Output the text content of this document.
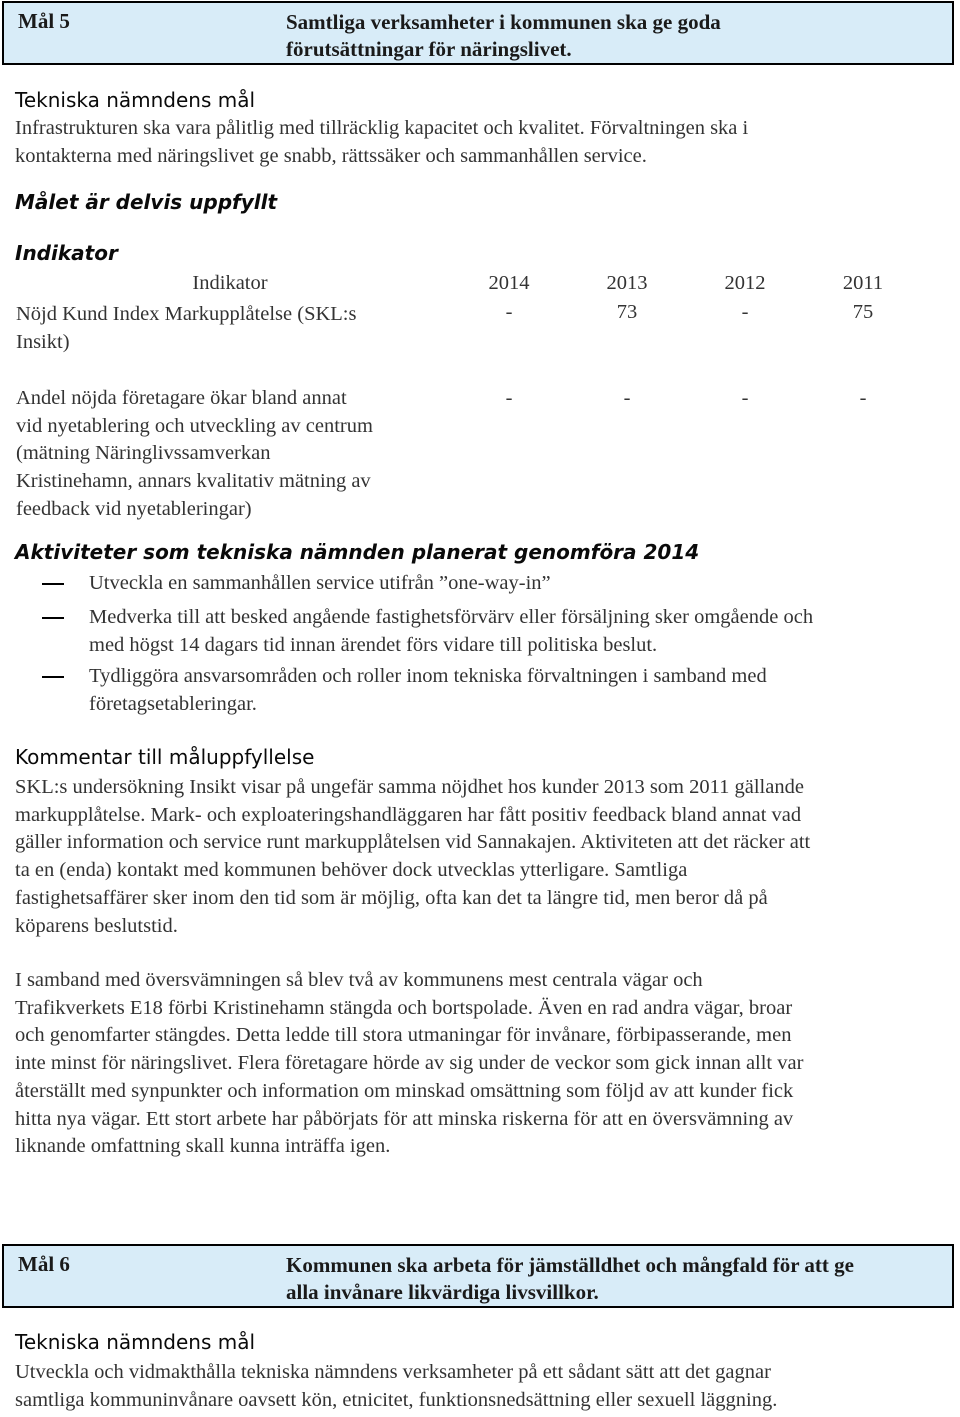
Mål 5	Samtliga verksamheter i kommunen ska ge goda
förutsättningar för näringslivet.
Tekniska nämndens mål
Infrastrukturen ska vara pålitlig med tillräcklig kapacitet och kvalitet. Förvaltningen ska i
kontakterna med näringslivet ge snabb, rättssäker och sammanhållen service.
Målet är delvis uppfyllt
Indikator
Indikator	2014	2013	2012	2011

Nöjd Kund Index Markupplåtelse (SKL:s
Insikt)	-	73	-	75

Andel nöjda företagare ökar bland annat
vid nyetablering och utveckling av centrum
(mätning Näringlivssamverkan
Kristinehamn, annars kvalitativ mätning av
feedback vid nyetableringar)	-	-	-	-
Aktiviteter som tekniska nämnden planerat genomföra 2014
Utveckla en sammanhållen service utifrån ”one-way-in”
Medverka till att besked angående fastighetsförvärv eller försäljning sker omgående och
med högst 14 dagars tid innan ärendet förs vidare till politiska beslut.
Tydliggöra ansvarsområden och roller inom tekniska förvaltningen i samband med
företagsetableringar.
Kommentar till måluppfyllelse
SKL:s undersökning Insikt visar på ungefär samma nöjdhet hos kunder 2013 som 2011 gällande
markupplåtelse. Mark- och exploateringshandläggaren har fått positiv feedback bland annat vad
gäller information och service runt markupplåtelsen vid Sannakajen. Aktiviteten att det räcker att
ta en (enda) kontakt med kommunen behöver dock utvecklas ytterligare. Samtliga
fastighetsaffärer sker inom den tid som är möjlig, ofta kan det ta längre tid, men beror då på
köparens beslutstid.
I samband med översvämningen så blev två av kommunens mest centrala vägar och
Trafikverkets E18 förbi Kristinehamn stängda och bortspolade. Även en rad andra vägar, broar
och genomfarter stängdes. Detta ledde till stora utmaningar för invånare, förbipasserande, men
inte minst för näringslivet. Flera företagare hörde av sig under de veckor som gick innan allt var
återställt med synpunkter och information om minskad omsättning som följd av att kunder fick
hitta nya vägar. Ett stort arbete har påbörjats för att minska riskerna för att en översvämning av
liknande omfattning skall kunna inträffa igen.
Mål 6	Kommunen ska arbeta för jämställdhet och mångfald för att ge
alla invånare likvärdiga livsvillkor.
Tekniska nämndens mål
Utveckla och vidmakthålla tekniska nämndens verksamheter på ett sådant sätt att det gagnar
samtliga kommuninvånare oavsett kön, etnicitet, funktionsnedsättning eller sexuell läggning.
